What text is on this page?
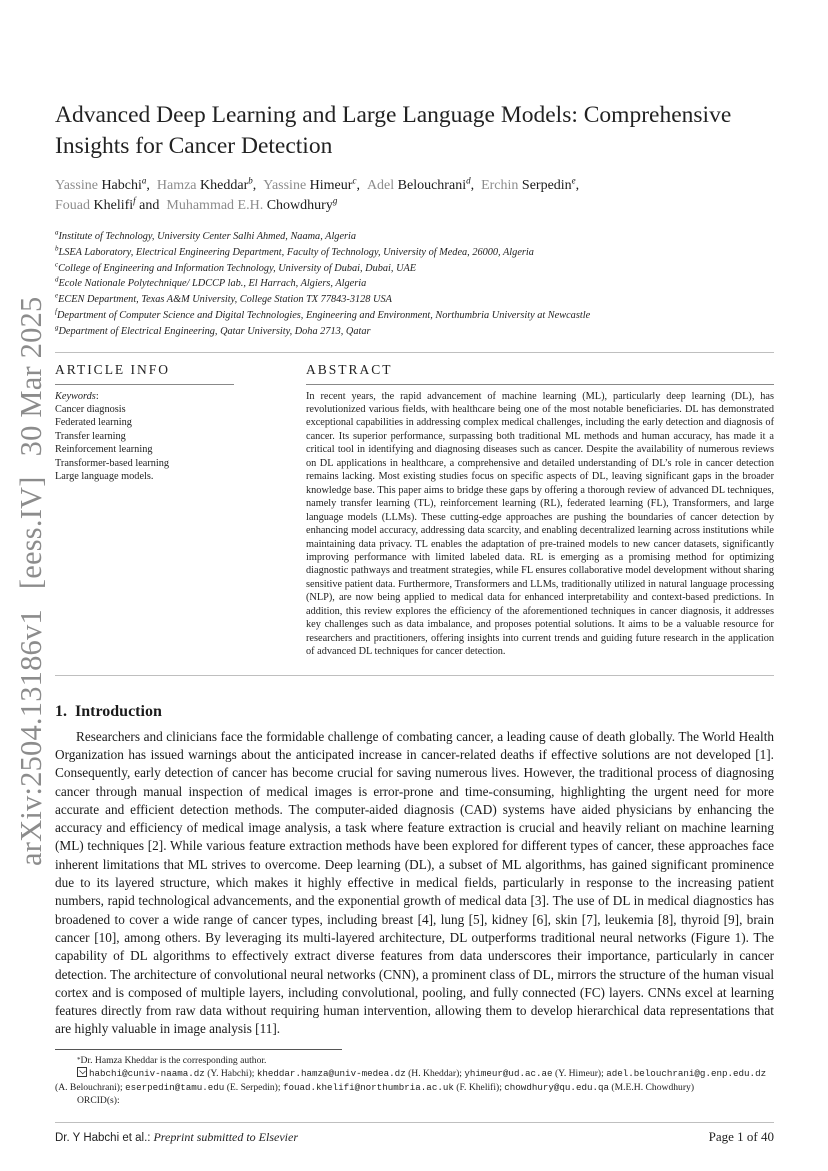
arXiv:2504.13186v1[eess.IV]30 Mar 2025
Advanced Deep Learning and Large Language Models: Comprehensive Insights for Cancer Detection
Yassine Habchi$^a$, Hamza Kheddar$^b$, Yassine Himeur$^c$, Adel Belouchrani$^d$, Erchin Serpedin$^e$,
Fouad Khelifi$^f$ and Muhammad E.H. Chowdhury$^g$
$^a$Institute of Technology, University Center Salhi Ahmed, Naama, Algeria
$^b$LSEA Laboratory, Electrical Engineering Department, Faculty of Technology, University of Medea, 26000, Algeria
$^c$College of Engineering and Information Technology, University of Dubai, Dubai, UAE
$^d$Ecole Nationale Polytechnique/ LDCCP lab., El Harrach, Algiers, Algeria
$^e$ECEN Department, Texas A&M University, College Station TX 77843-3128 USA
$^f$Department of Computer Science and Digital Technologies, Engineering and Environment, Northumbria University at Newcastle
$^g$Department of Electrical Engineering, Qatar University, Doha 2713, Qatar
ARTICLE INFO
Keywords:
Cancer diagnosis
Federated learning
Transfer learning
Reinforcement learning
Transformer-based learning
Large language models.
ABSTRACT

In recent years, the rapid advancement of machine learning (ML), particularly deep learning (DL), has revolutionized various fields, with healthcare being one of the most notable beneficiaries. DL has demonstrated exceptional capabilities in addressing complex medical challenges, including the early detection and diagnosis of cancer. Its superior performance, surpassing both traditional ML methods and human accuracy, has made it a critical tool in identifying and diagnosing diseases such as cancer. Despite the availability of numerous reviews on DL applications in healthcare, a comprehensive and detailed understanding of DL’s role in cancer detection remains lacking. Most existing studies focus on specific aspects of DL, leaving significant gaps in the broader knowledge base. This paper aims to bridge these gaps by offering a thorough review of advanced DL techniques, namely transfer learning (TL), reinforcement learning (RL), federated learning (FL), Transformers, and large language models (LLMs). These cutting-edge approaches are pushing the boundaries of cancer detection by enhancing model accuracy, addressing data scarcity, and enabling decentralized learning across institutions while maintaining data privacy. TL enables the adaptation of pre-trained models to new cancer datasets, significantly improving performance with limited labeled data. RL is emerging as a promising method for optimizing diagnostic pathways and treatment strategies, while FL ensures collaborative model development without sharing sensitive patient data. Furthermore, Transformers and LLMs, traditionally utilized in natural language processing (NLP), are now being applied to medical data for enhanced interpretability and context-based predictions. In addition, this review explores the efficiency of the aforementioned techniques in cancer diagnosis, it addresses key challenges such as data imbalance, and proposes potential solutions. It aims to be a valuable resource for researchers and practitioners, offering insights into current trends and guiding future research in the application of advanced DL techniques for cancer detection.

1. Introduction

Researchers and clinicians face the formidable challenge of combating cancer, a leading cause of death globally. The World Health Organization has issued warnings about the anticipated increase in cancer-related deaths if effective solutions are not developed [1]. Consequently, early detection of cancer has become crucial for saving numerous lives. However, the traditional process of diagnosing cancer through manual inspection of medical images is error-prone and time-consuming, highlighting the urgent need for more accurate and efficient detection methods. The computer-aided diagnosis (CAD) systems have aided physicians by enhancing the accuracy and efficiency of medical image analysis, a task where feature extraction is crucial and heavily reliant on machine learning (ML) techniques [2]. While various feature extraction methods have been explored for different types of cancer, these approaches face inherent limitations that ML strives to overcome. Deep learning (DL), a subset of ML algorithms, has gained significant prominence due to its layered structure, which makes it highly effective in medical fields, particularly in response to the increasing patient numbers, rapid technological advancements, and the exponential growth of medical data [3]. The use of DL in medical diagnostics has broadened to cover a wide range of cancer types, including breast [4], lung [5], kidney [6], skin [7], leukemia [8], thyroid [9], brain cancer [10], among others. By leveraging its multi-layered architecture, DL outperforms traditional neural networks (Figure 1). The capability of DL algorithms to effectively extract diverse features from data underscores their importance, particularly in cancer detection. The architecture of convolutional neural networks (CNN), a prominent class of DL, mirrors the structure of the human visual cortex and is composed of multiple layers, including convolutional, pooling, and fully connected (FC) layers. CNNs excel at learning features directly from raw data without requiring human intervention, allowing them to develop hierarchical data representations that are highly valuable in image analysis [11].

*Dr. Hamza Kheddar is the corresponding author.
habchi@cuniv-naama.dz (Y. Habchi); kheddar.hamza@univ-medea.dz (H. Kheddar); yhimeur@ud.ac.ae (Y. Himeur); adel.belouchrani@g.enp.edu.dz (A. Belouchrani); eserpedin@tamu.edu (E. Serpedin); fouad.khelifi@northumbria.ac.uk (F. Khelifi); chowdhury@qu.edu.qa (M.E.H. Chowdhury)
ORCID(s):
Dr. Y Habchi et al.: Preprint submitted to Elsevier	Page 1 of 40
